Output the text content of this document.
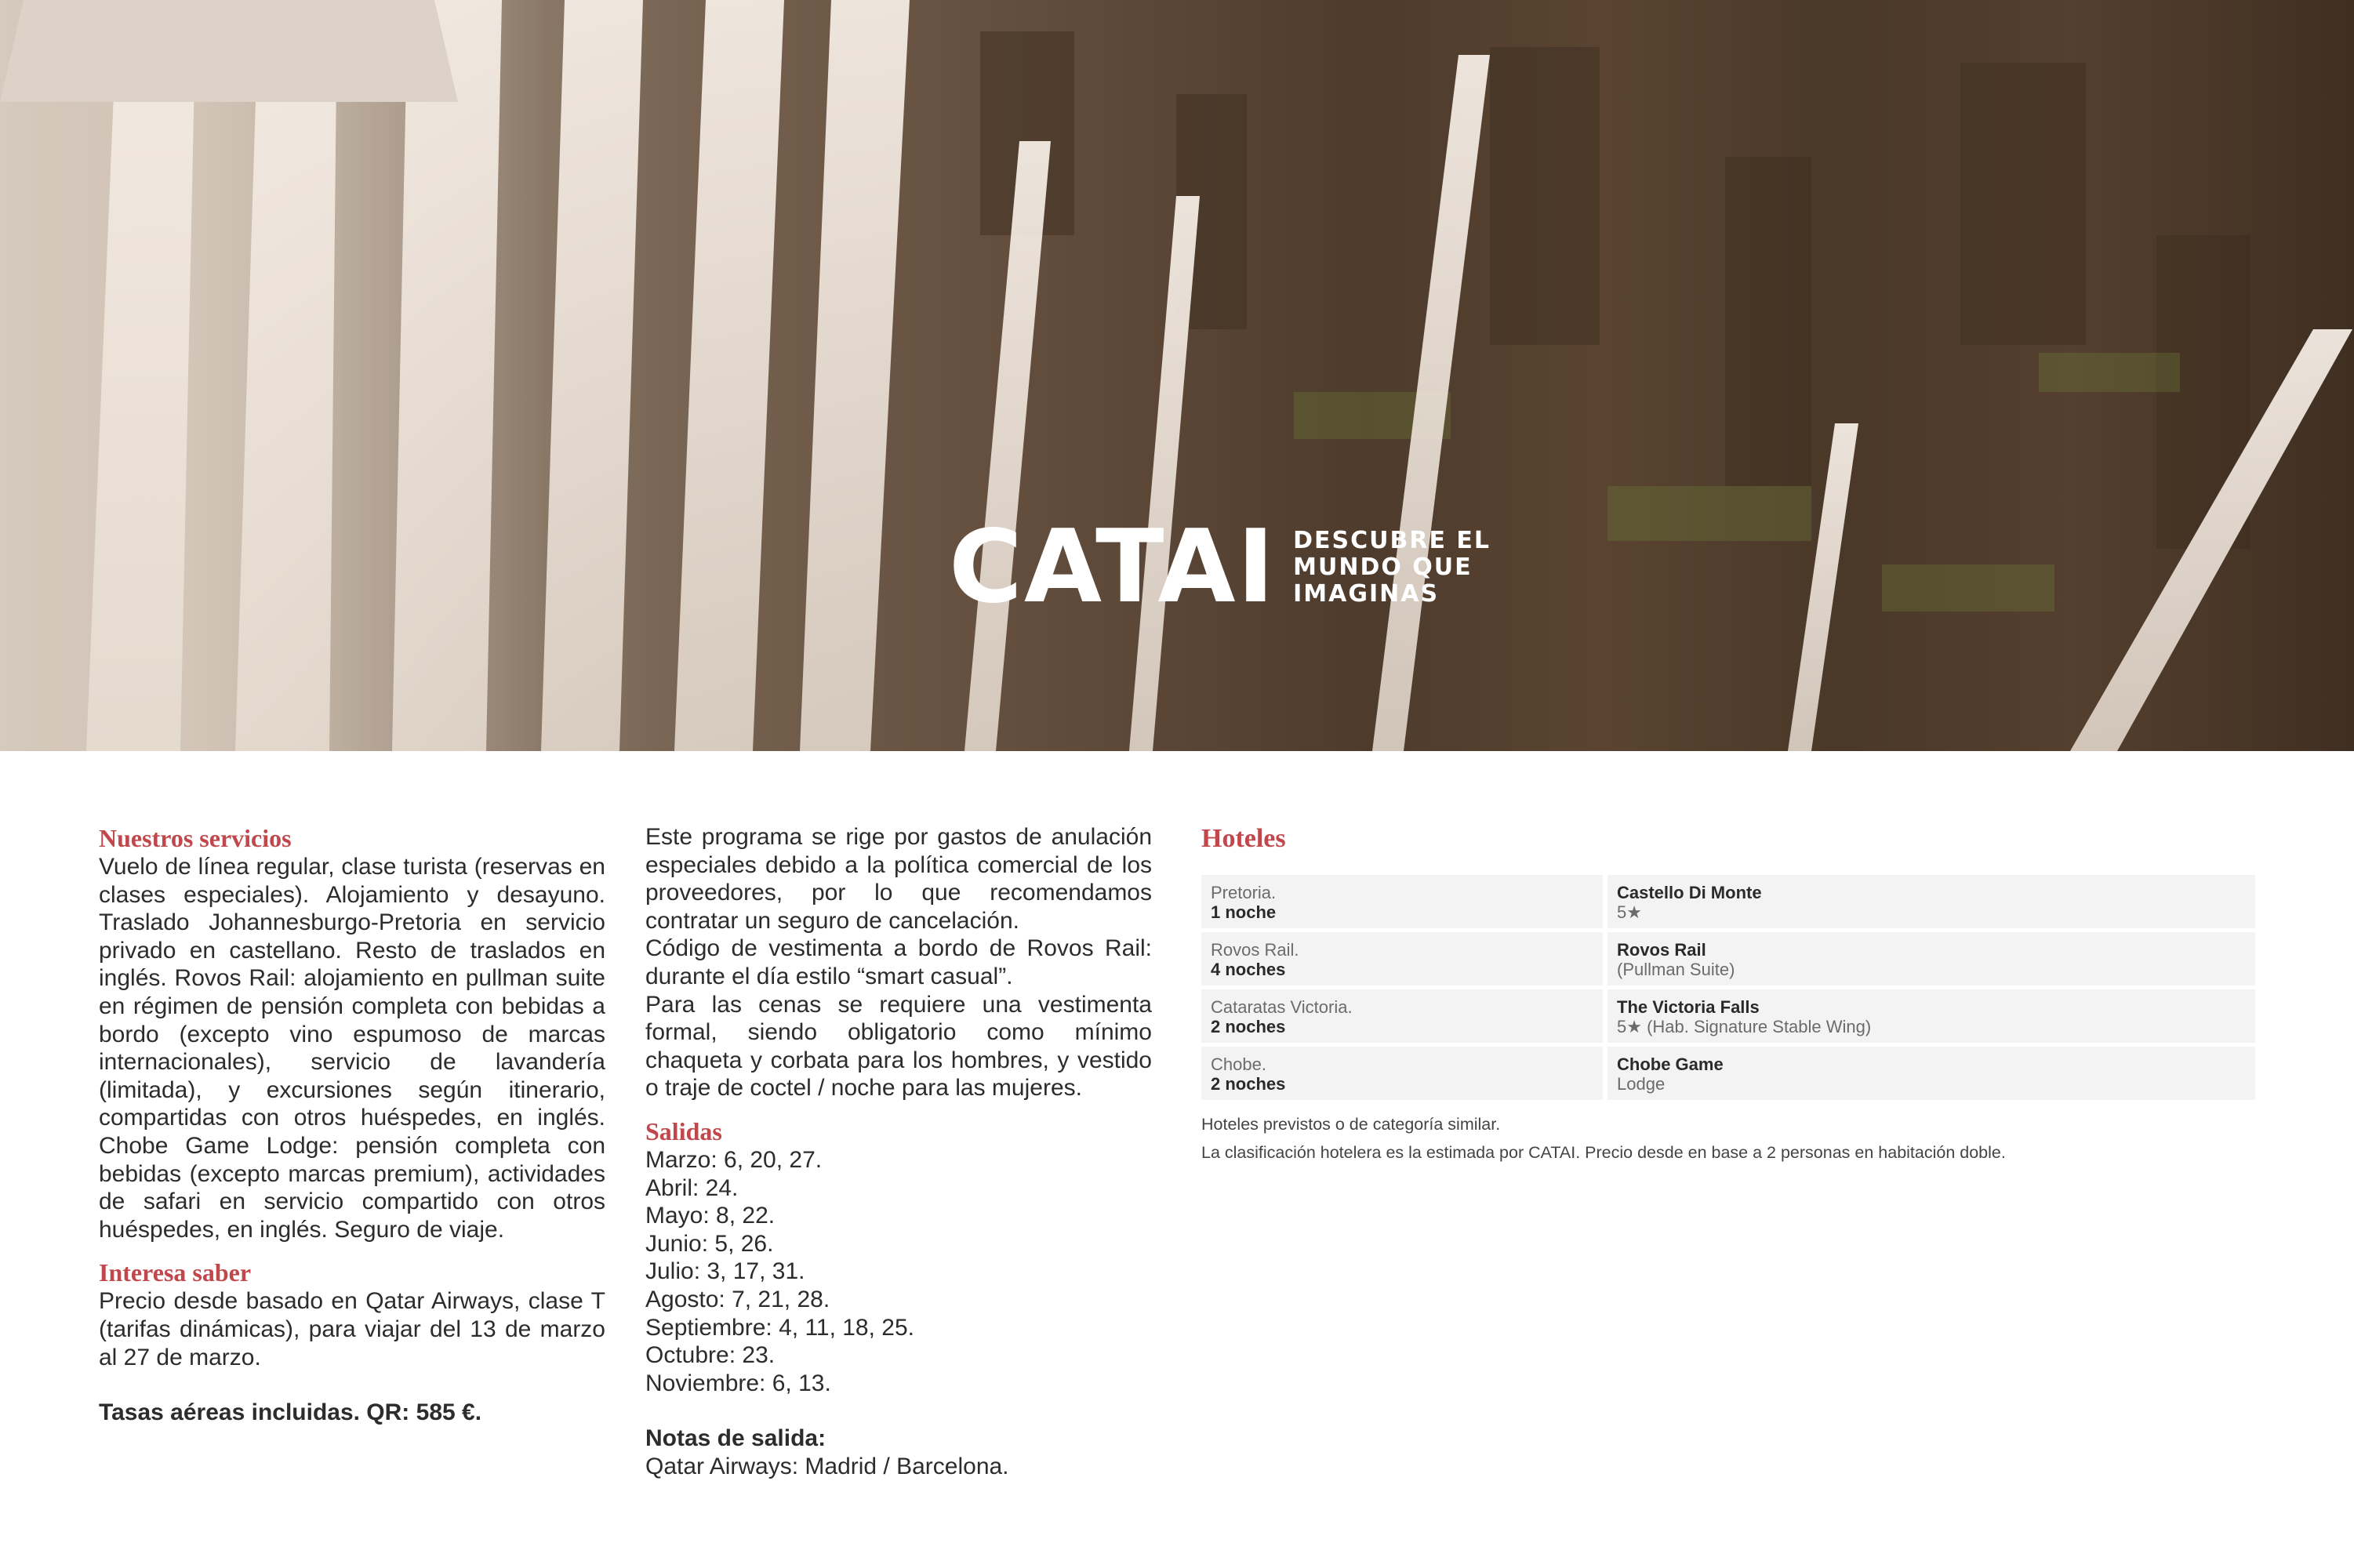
CATAI DESCUBRE EL
MUNDO QUE
IMAGINAS
Nuestros servicios
Vuelo de línea regular, clase turista (reservas en clases especiales). Alojamiento y desayuno. Traslado Johannesburgo-Pretoria en servicio privado en castellano. Resto de traslados en inglés. Rovos Rail: alojamiento en pullman suite en régimen de pensión completa con bebidas a bordo (excepto vino espumoso de marcas internacionales), servicio de lavandería (limitada), y excursiones según itinerario, compartidas con otros huéspedes, en inglés. Chobe Game Lodge: pensión completa con bebidas (excepto marcas premium), actividades de safari en servicio compartido con otros huéspedes, en inglés. Seguro de viaje.
Interesa saber
Precio desde basado en Qatar Airways, clase T (tarifas dinámicas), para viajar del 13 de marzo al 27 de marzo.
Tasas aéreas incluidas. QR: 585 €.
Este programa se rige por gastos de anulación especiales debido a la política comercial de los proveedores, por lo que recomendamos contratar un seguro de cancelación.
Código de vestimenta a bordo de Rovos Rail: durante el día estilo “smart casual”.
Para las cenas se requiere una vestimenta formal, siendo obligatorio como mínimo chaqueta y corbata para los hombres, y vestido o traje de coctel / noche para las mujeres.
Salidas
Marzo: 6, 20, 27.
Abril: 24.
Mayo: 8, 22.
Junio: 5, 26.
Julio: 3, 17, 31.
Agosto: 7, 21, 28.
Septiembre: 4, 11, 18, 25.
Octubre: 23.
Noviembre: 6, 13.
Notas de salida:
Qatar Airways: Madrid / Barcelona.
Hoteles
Pretoria.
1 noche
Castello Di Monte
5★
Rovos Rail.
4 noches
Rovos Rail
(Pullman Suite)
Cataratas Victoria.
2 noches
The Victoria Falls
5★ (Hab. Signature Stable Wing)
Chobe.
2 noches
Chobe Game
Lodge
Hoteles previstos o de categoría similar.
La clasificación hotelera es la estimada por CATAI. Precio desde en base a 2 personas en habitación doble.
